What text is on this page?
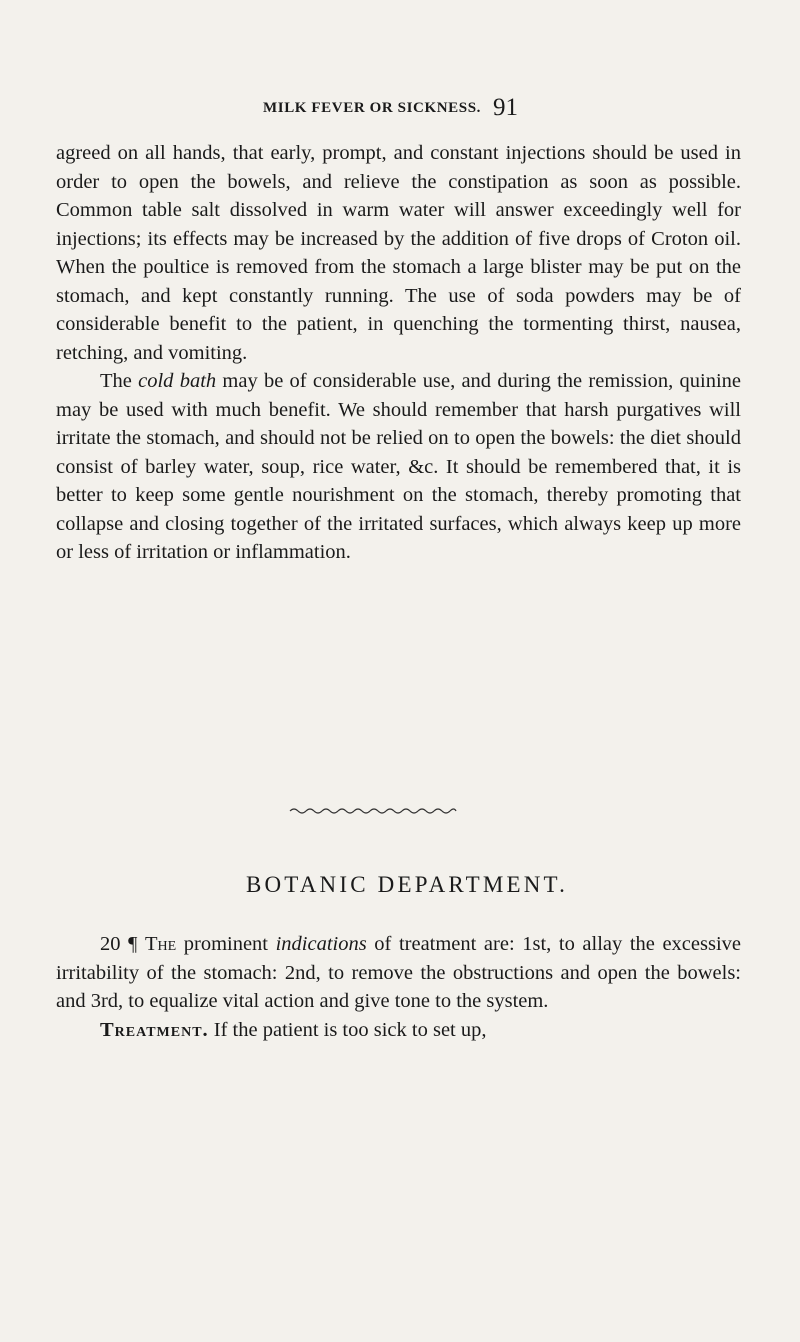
MILK FEVER OR SICKNESS. 91

agreed on all hands, that early, prompt, and constant injections should be used in order to open the bowels, and relieve the constipation as soon as possible. Common table salt dissolved in warm water will answer exceedingly well for injections; its effects may be increased by the addition of five drops of Croton oil. When the poultice is removed from the stomach a large blister may be put on the stomach, and kept constantly running. The use of soda powders may be of considerable benefit to the patient, in quenching the tormenting thirst, nausea, retching, and vomiting.

The cold bath may be of considerable use, and during the remission, quinine may be used with much benefit. We should remember that harsh purgatives will irritate the stomach, and should not be relied on to open the bowels: the diet should consist of barley water, soup, rice water, &c. It should be remembered that, it is better to keep some gentle nourishment on the stomach, thereby promoting that collapse and closing together of the irritated surfaces, which always keep up more or less of irritation or inflammation.

BOTANIC DEPARTMENT.

20 ¶ The prominent indications of treatment are: 1st, to allay the excessive irritability of the stomach: 2nd, to remove the obstructions and open the bowels: and 3rd, to equalize vital action and give tone to the system.

Treatment. If the patient is too sick to set up,
